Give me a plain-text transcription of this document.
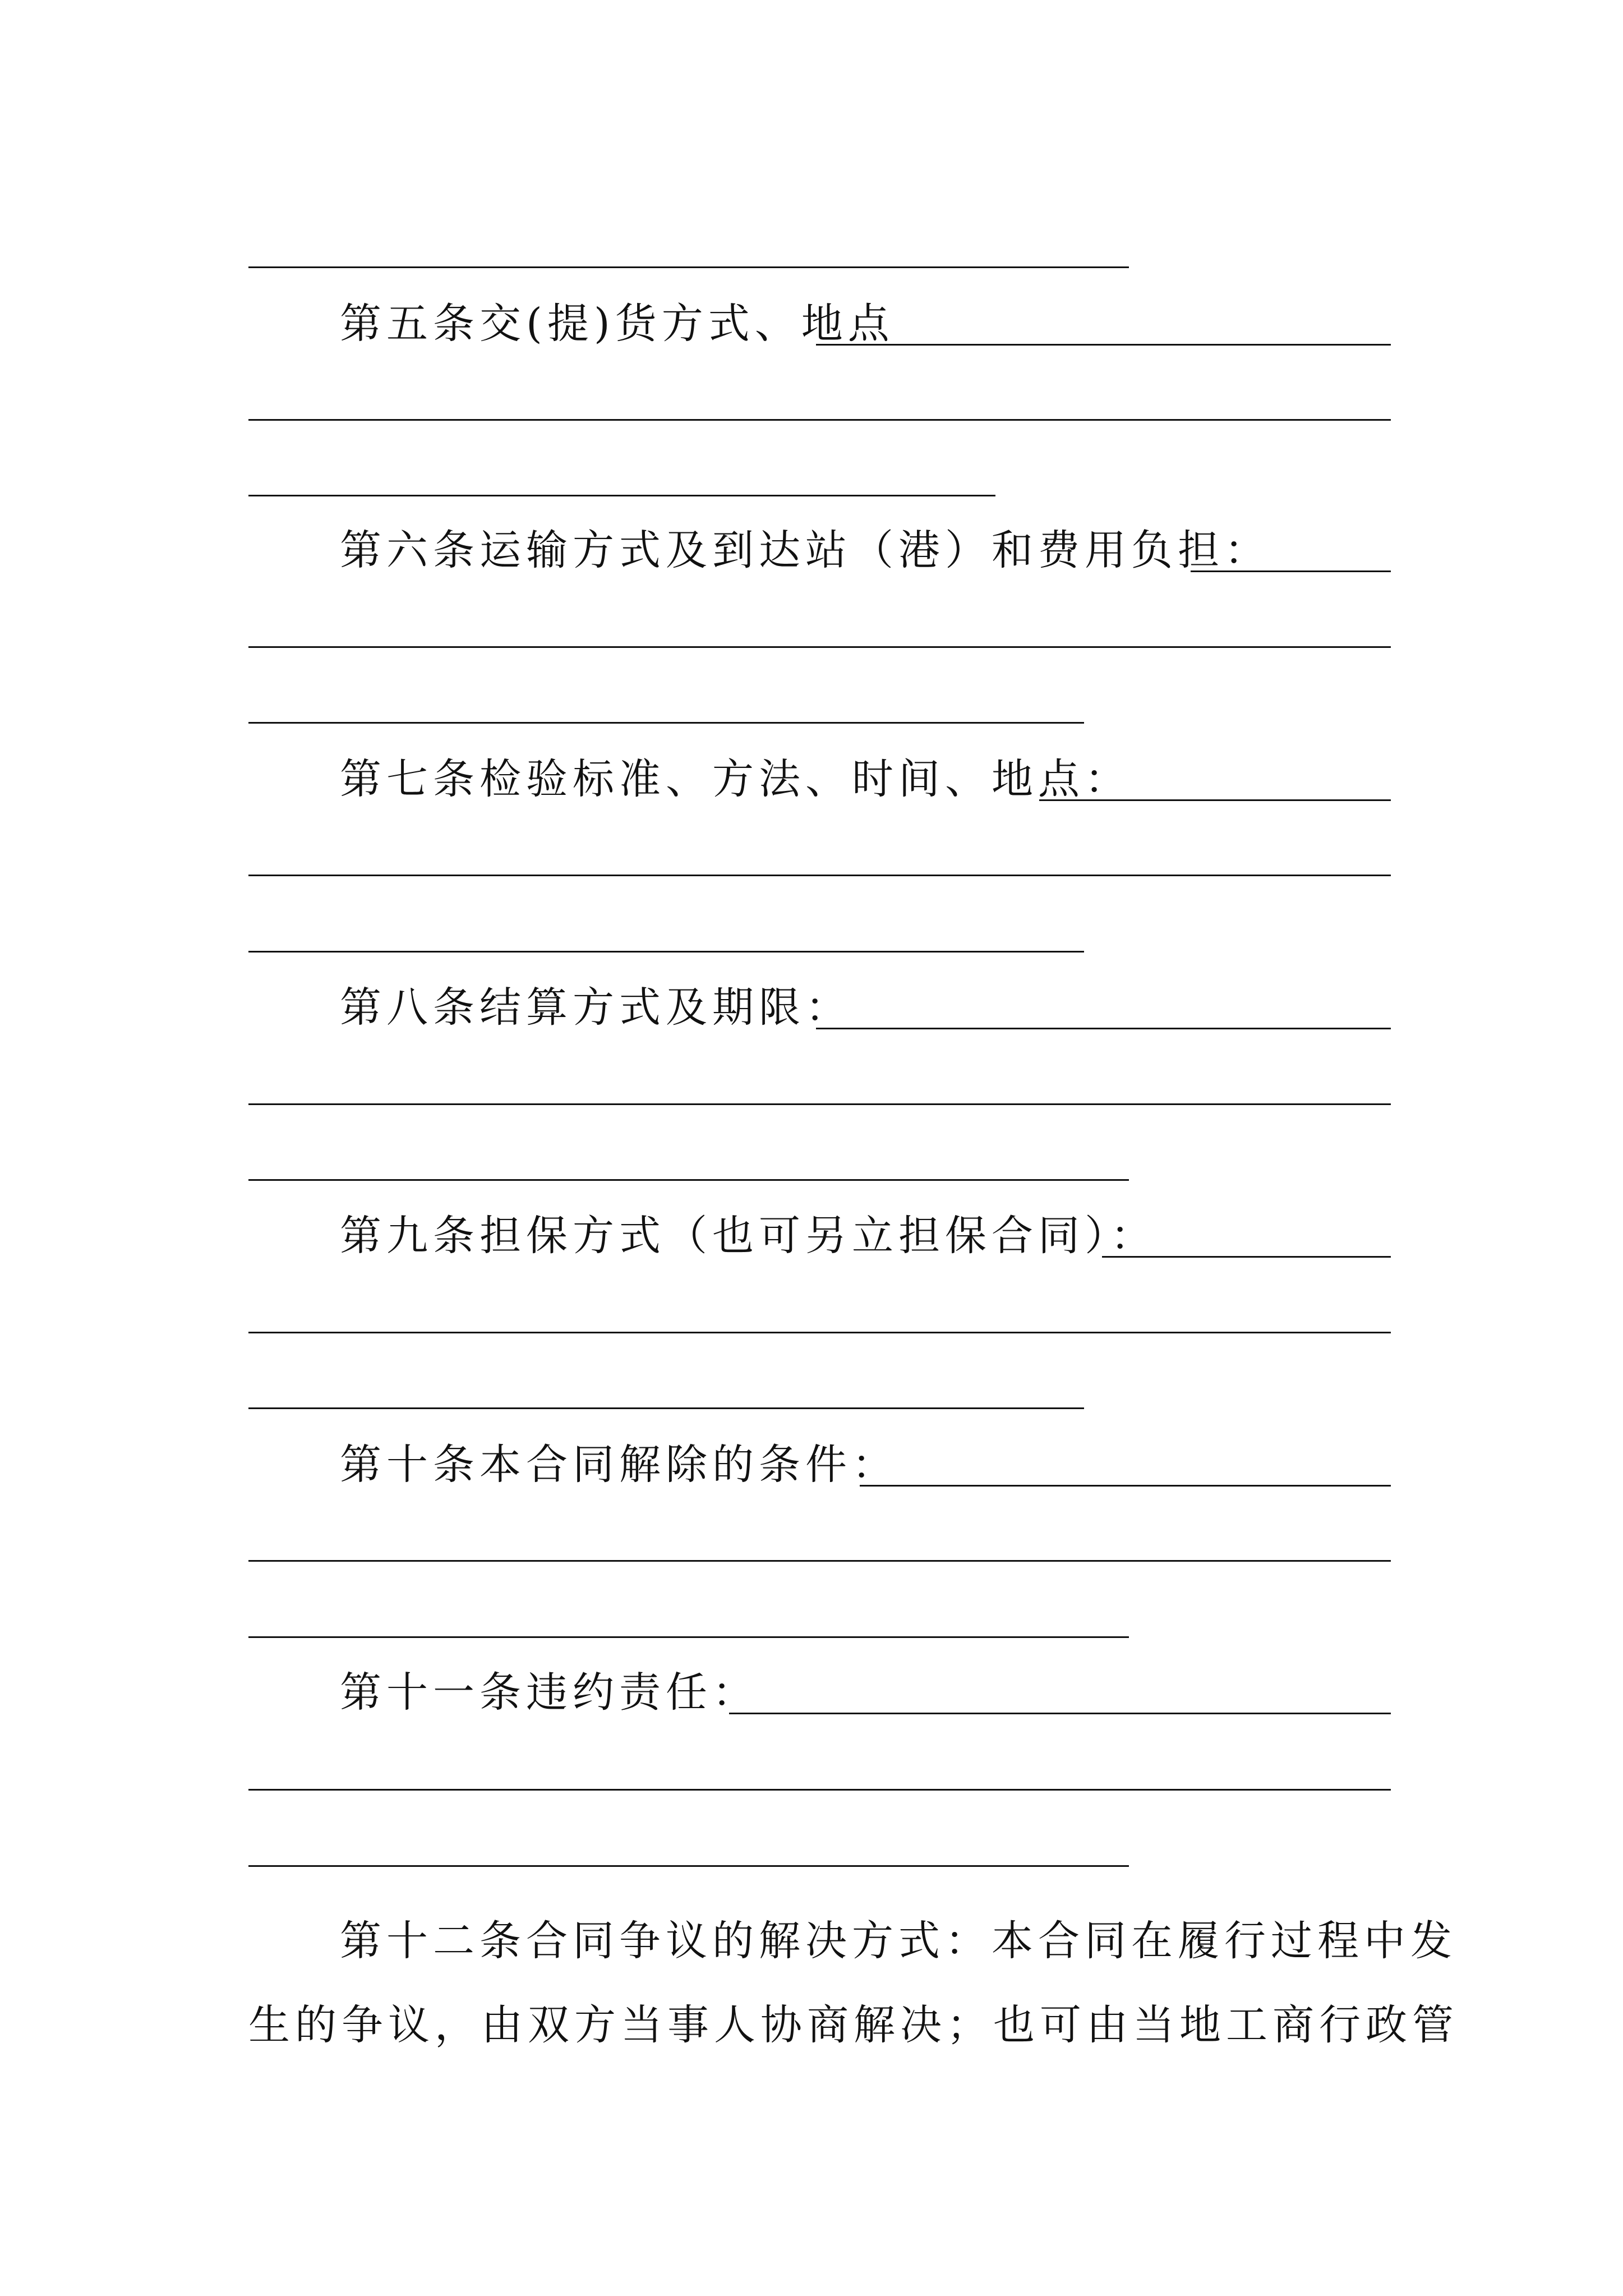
第五条交(提)货方式、地点
第六条运输方式及到达站（港）和费用负担：
第七条检验标准、方法、时间、地点：
第八条结算方式及期限：
第九条担保方式（也可另立担保合同）：
第十条本合同解除的条件：
第十一条违约责任：
第十二条合同争议的解决方式：本合同在履行过程中发
生的争议，由双方当事人协商解决；也可由当地工商行政管
